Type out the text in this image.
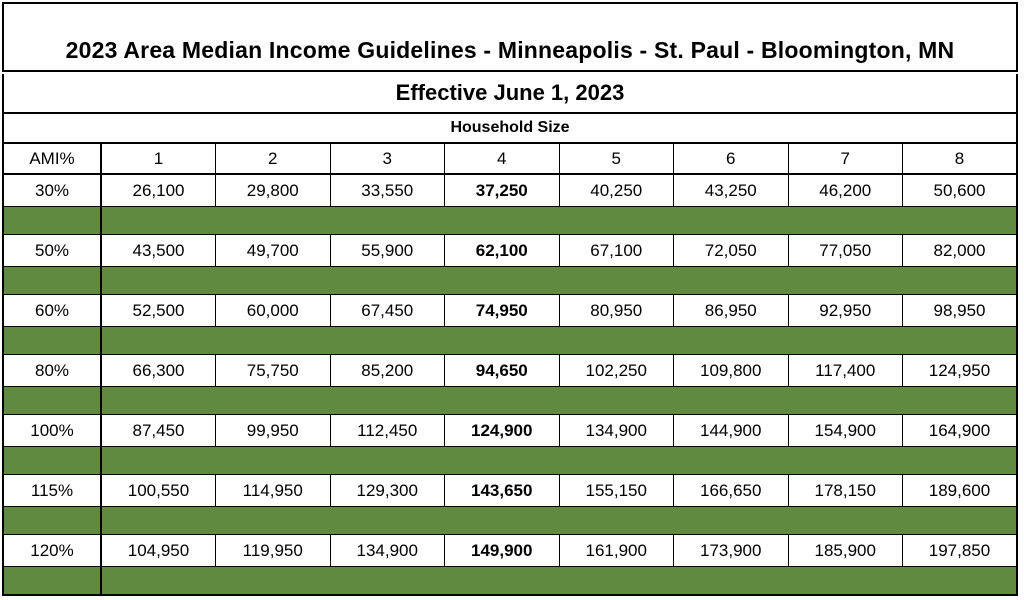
2023 Area Median Income Guidelines - Minneapolis - St. Paul - Bloomington, MN
Effective June 1, 2023
Household Size
AMI%	1	2	3	4	5	6	7	8
30%	26,100	29,800	33,550	37,250	40,250	43,250	46,200	50,600

50%	43,500	49,700	55,900	62,100	67,100	72,050	77,050	82,000

60%	52,500	60,000	67,450	74,950	80,950	86,950	92,950	98,950

80%	66,300	75,750	85,200	94,650	102,250	109,800	117,400	124,950

100%	87,450	99,950	112,450	124,900	134,900	144,900	154,900	164,900

115%	100,550	114,950	129,300	143,650	155,150	166,650	178,150	189,600

120%	104,950	119,950	134,900	149,900	161,900	173,900	185,900	197,850
